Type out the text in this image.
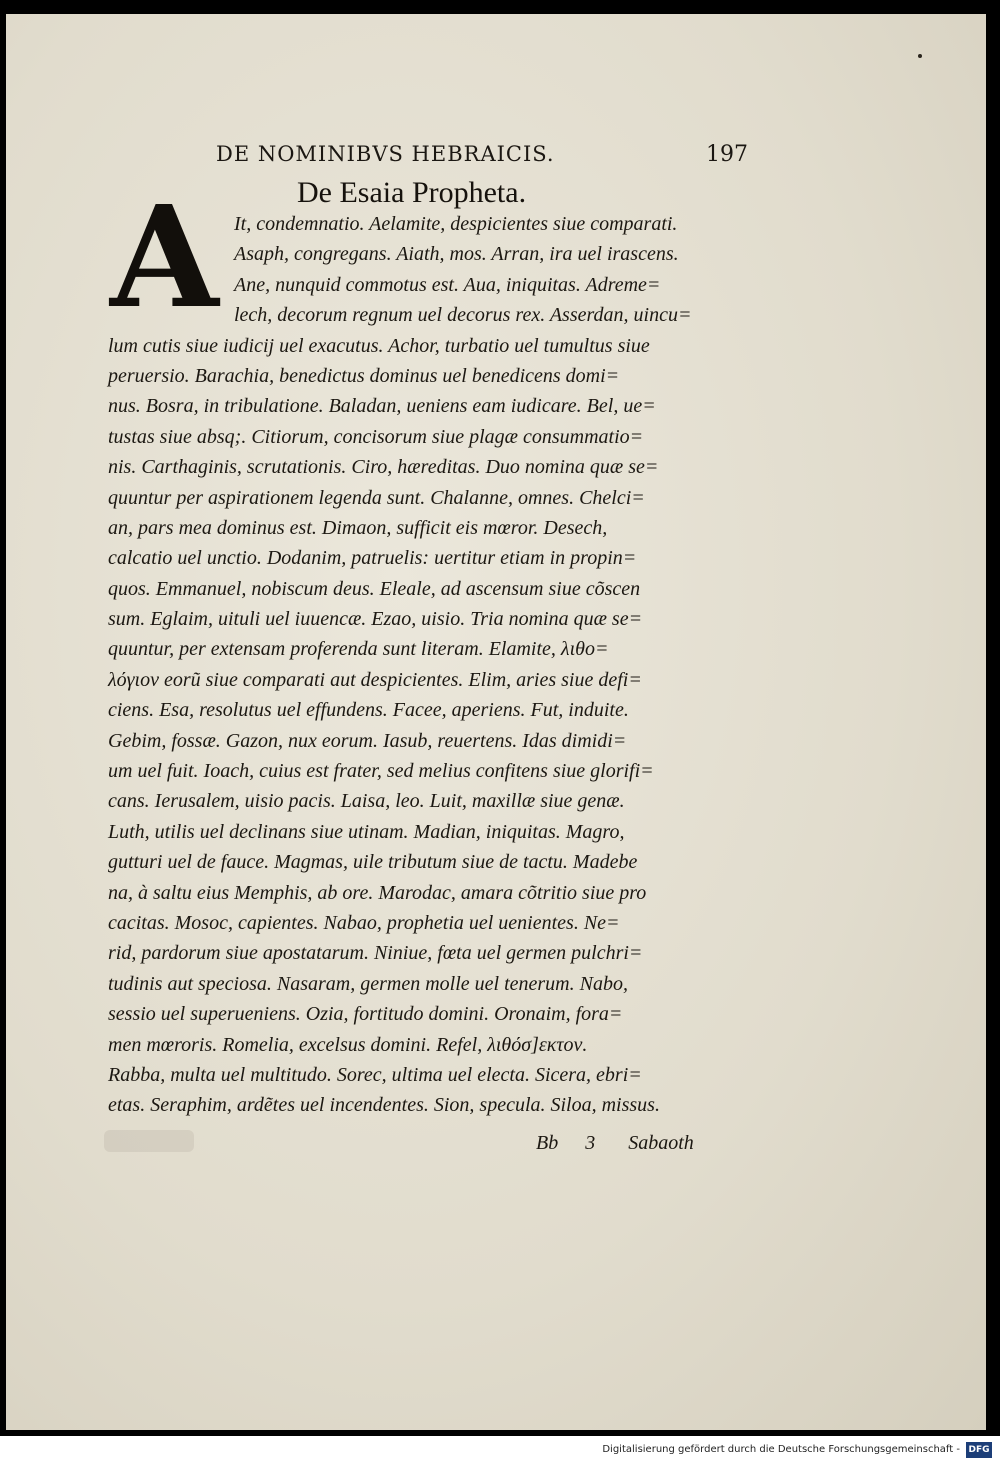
DE NOMINIBVS HEBRAICIS.	197
De Esaia Propheta.
A It, condemnatio. Aelamite, despicientes siue comparati.
Asaph, congregans. Aiath, mos. Arran, ira uel irascens.
Ane, nunquid commotus est. Aua, iniquitas. Adreme=
lech, decorum regnum uel decorus rex. Asserdan, uincu=
lum cutis siue iudicij uel exacutus. Achor, turbatio uel tumultus siue
peruersio. Barachia, benedictus dominus uel benedicens domi=
nus. Bosra, in tribulatione. Baladan, ueniens eam iudicare. Bel, ue=
tustas siue absq;. Citiorum, concisorum siue plagæ consummatio=
nis. Carthaginis, scrutationis. Ciro, hæreditas. Duo nomina quæ se=
quuntur per aspirationem legenda sunt. Chalanne, omnes. Chelci=
an, pars mea dominus est. Dimaon, sufficit eis mœror. Desech,
calcatio uel unctio. Dodanim, patruelis: uertitur etiam in propin=
quos. Emmanuel, nobiscum deus. Eleale, ad ascensum siue cõscen
sum. Eglaim, uituli uel iuuencæ. Ezao, uisio. Tria nomina quæ se=
quuntur, per extensam proferenda sunt literam. Elamite, λιθο=
λόγιον eorũ siue comparati aut despicientes. Elim, aries siue defi=
ciens. Esa, resolutus uel effundens. Facee, aperiens. Fut, induite.
Gebim, fossæ. Gazon, nux eorum. Iasub, reuertens. Idas dimidi=
um uel fuit. Ioach, cuius est frater, sed melius confitens siue glorifi=
cans. Ierusalem, uisio pacis. Laisa, leo. Luit, maxillæ siue genæ.
Luth, utilis uel declinans siue utinam. Madian, iniquitas. Magro,
gutturi uel de fauce. Magmas, uile tributum siue de tactu. Madebe
na, à saltu eius Memphis, ab ore. Marodac, amara cõtritio siue pro
cacitas. Mosoc, capientes. Nabao, prophetia uel uenientes. Ne=
rid, pardorum siue apostatarum. Niniue, fœta uel germen pulchri=
tudinis aut speciosa. Nasaram, germen molle uel tenerum. Nabo,
sessio uel superueniens. Ozia, fortitudo domini. Oronaim, fora=
men mœroris. Romelia, excelsus domini. Refel, λιθόσ]εκτον.
Rabba, multa uel multitudo. Sorec, ultima uel electa. Sicera, ebri=
etas. Seraphim, ardẽtes uel incendentes. Sion, specula. Siloa, missus.
Bb 3 Sabaoth
Digitalisierung gefördert durch die Deutsche Forschungsgemeinschaft - DFG
